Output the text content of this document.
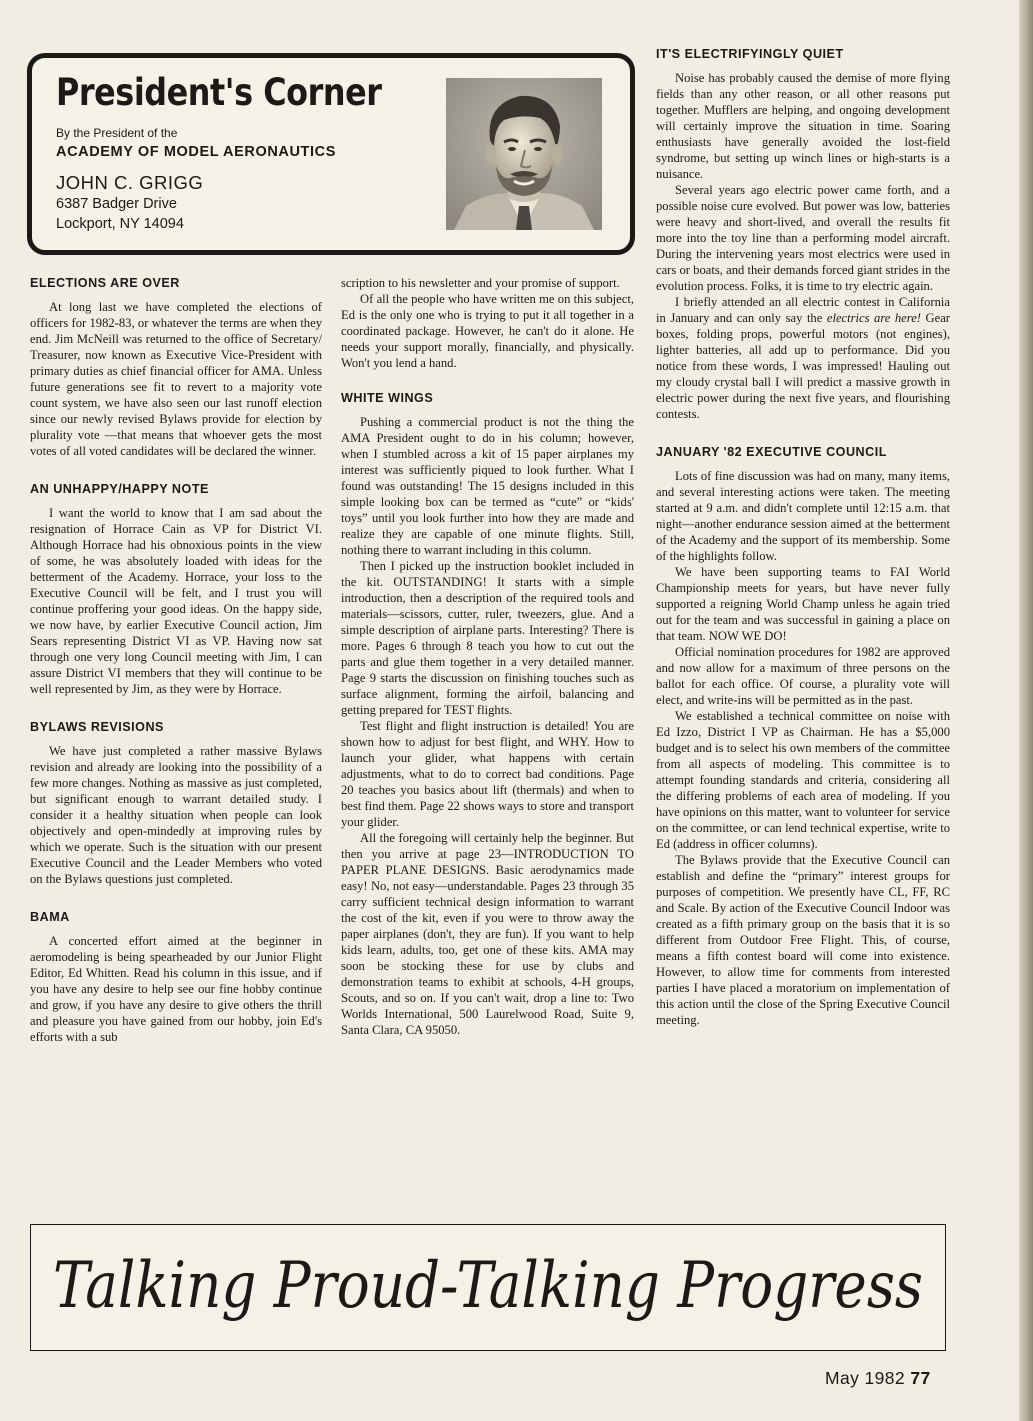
President's Corner
By the President of the
ACADEMY OF MODEL AERONAUTICS
JOHN C. GRIGG
6387 Badger Drive
Lockport, NY 14094
ELECTIONS ARE OVER

At long last we have completed the elections of officers for 1982-83, or whatever the terms are when they end. Jim McNeill was returned to the office of Secretary/ Treasurer, now known as Executive Vice-President with primary duties as chief financial officer for AMA. Unless future generations see fit to revert to a majority vote count system, we have also seen our last runoff election since our newly revised Bylaws provide for election by plurality vote —that means that whoever gets the most votes of all voted candidates will be declared the winner.

AN UNHAPPY/HAPPY NOTE

I want the world to know that I am sad about the resignation of Horrace Cain as VP for District VI. Although Horrace had his obnoxious points in the view of some, he was absolutely loaded with ideas for the betterment of the Academy. Horrace, your loss to the Executive Council will be felt, and I trust you will continue proffering your good ideas. On the happy side, we now have, by earlier Executive Council action, Jim Sears representing District VI as VP. Having now sat through one very long Council meeting with Jim, I can assure District VI members that they will continue to be well represented by Jim, as they were by Horrace.

BYLAWS REVISIONS

We have just completed a rather massive Bylaws revision and already are looking into the possibility of a few more changes. Nothing as massive as just completed, but significant enough to warrant detailed study. I consider it a healthy situation when people can look objectively and open-mindedly at improving rules by which we operate. Such is the situation with our present Executive Council and the Leader Members who voted on the Bylaws questions just completed.

BAMA

A concerted effort aimed at the beginner in aeromodeling is being spearheaded by our Junior Flight Editor, Ed Whitten. Read his column in this issue, and if you have any desire to help see our fine hobby continue and grow, if you have any desire to give others the thrill and pleasure you have gained from our hobby, join Ed's efforts with a sub

scription to his newsletter and your promise of support.

Of all the people who have written me on this subject, Ed is the only one who is trying to put it all together in a coordinated package. However, he can't do it alone. He needs your support morally, financially, and physically. Won't you lend a hand.

WHITE WINGS

Pushing a commercial product is not the thing the AMA President ought to do in his column; however, when I stumbled across a kit of 15 paper airplanes my interest was sufficiently piqued to look further. What I found was outstanding! The 15 designs included in this simple looking box can be termed as “cute” or “kids' toys” until you look further into how they are made and realize they are capable of one minute flights. Still, nothing there to warrant including in this column.

Then I picked up the instruction booklet included in the kit. OUTSTANDING! It starts with a simple introduction, then a description of the required tools and materials—scissors, cutter, ruler, tweezers, glue. And a simple description of airplane parts. Interesting? There is more. Pages 6 through 8 teach you how to cut out the parts and glue them together in a very detailed manner. Page 9 starts the discussion on finishing touches such as surface alignment, forming the airfoil, balancing and getting prepared for TEST flights.

Test flight and flight instruction is detailed! You are shown how to adjust for best flight, and WHY. How to launch your glider, what happens with certain adjustments, what to do to correct bad conditions. Page 20 teaches you basics about lift (thermals) and when to best find them. Page 22 shows ways to store and transport your glider.

All the foregoing will certainly help the beginner. But then you arrive at page 23—INTRODUCTION TO PAPER PLANE DESIGNS. Basic aerodynamics made easy! No, not easy—understandable. Pages 23 through 35 carry sufficient technical design information to warrant the cost of the kit, even if you were to throw away the paper airplanes (don't, they are fun). If you want to help kids learn, adults, too, get one of these kits. AMA may soon be stocking these for use by clubs and demonstration teams to exhibit at schools, 4-H groups, Scouts, and so on. If you can't wait, drop a line to: Two Worlds International, 500 Laurelwood Road, Suite 9, Santa Clara, CA 95050.

IT'S ELECTRIFYINGLY QUIET

Noise has probably caused the demise of more flying fields than any other reason, or all other reasons put together. Mufflers are helping, and ongoing development will certainly improve the situation in time. Soaring enthusiasts have generally avoided the lost-field syndrome, but setting up winch lines or high-starts is a nuisance.

Several years ago electric power came forth, and a possible noise cure evolved. But power was low, batteries were heavy and short-lived, and overall the results fit more into the toy line than a performing model aircraft. During the intervening years most electrics were used in cars or boats, and their demands forced giant strides in the evolution process. Folks, it is time to try electric again.

I briefly attended an all electric contest in California in January and can only say the electrics are here! Gear boxes, folding props, powerful motors (not engines), lighter batteries, all add up to performance. Did you notice from these words, I was impressed! Hauling out my cloudy crystal ball I will predict a massive growth in electric power during the next five years, and flourishing contests.

JANUARY '82 EXECUTIVE COUNCIL

Lots of fine discussion was had on many, many items, and several interesting actions were taken. The meeting started at 9 a.m. and didn't complete until 12:15 a.m. that night—another endurance session aimed at the betterment of the Academy and the support of its membership. Some of the highlights follow.

We have been supporting teams to FAI World Championship meets for years, but have never fully supported a reigning World Champ unless he again tried out for the team and was successful in gaining a place on that team. NOW WE DO!

Official nomination procedures for 1982 are approved and now allow for a maximum of three persons on the ballot for each office. Of course, a plurality vote will elect, and write-ins will be permitted as in the past.

We established a technical committee on noise with Ed Izzo, District I VP as Chairman. He has a $5,000 budget and is to select his own members of the committee from all aspects of modeling. This committee is to attempt founding standards and criteria, considering all the differing problems of each area of modeling. If you have opinions on this matter, want to volunteer for service on the committee, or can lend technical expertise, write to Ed (address in officer columns).

The Bylaws provide that the Executive Council can establish and define the “primary” interest groups for purposes of competition. We presently have CL, FF, RC and Scale. By action of the Executive Council Indoor was created as a fifth primary group on the basis that it is so different from Outdoor Free Flight. This, of course, means a fifth contest board will come into existence. However, to allow time for comments from interested parties I have placed a moratorium on implementation of this action until the close of the Spring Executive Council meeting.

Talking Proud-Talking Progress
May 1982 77
